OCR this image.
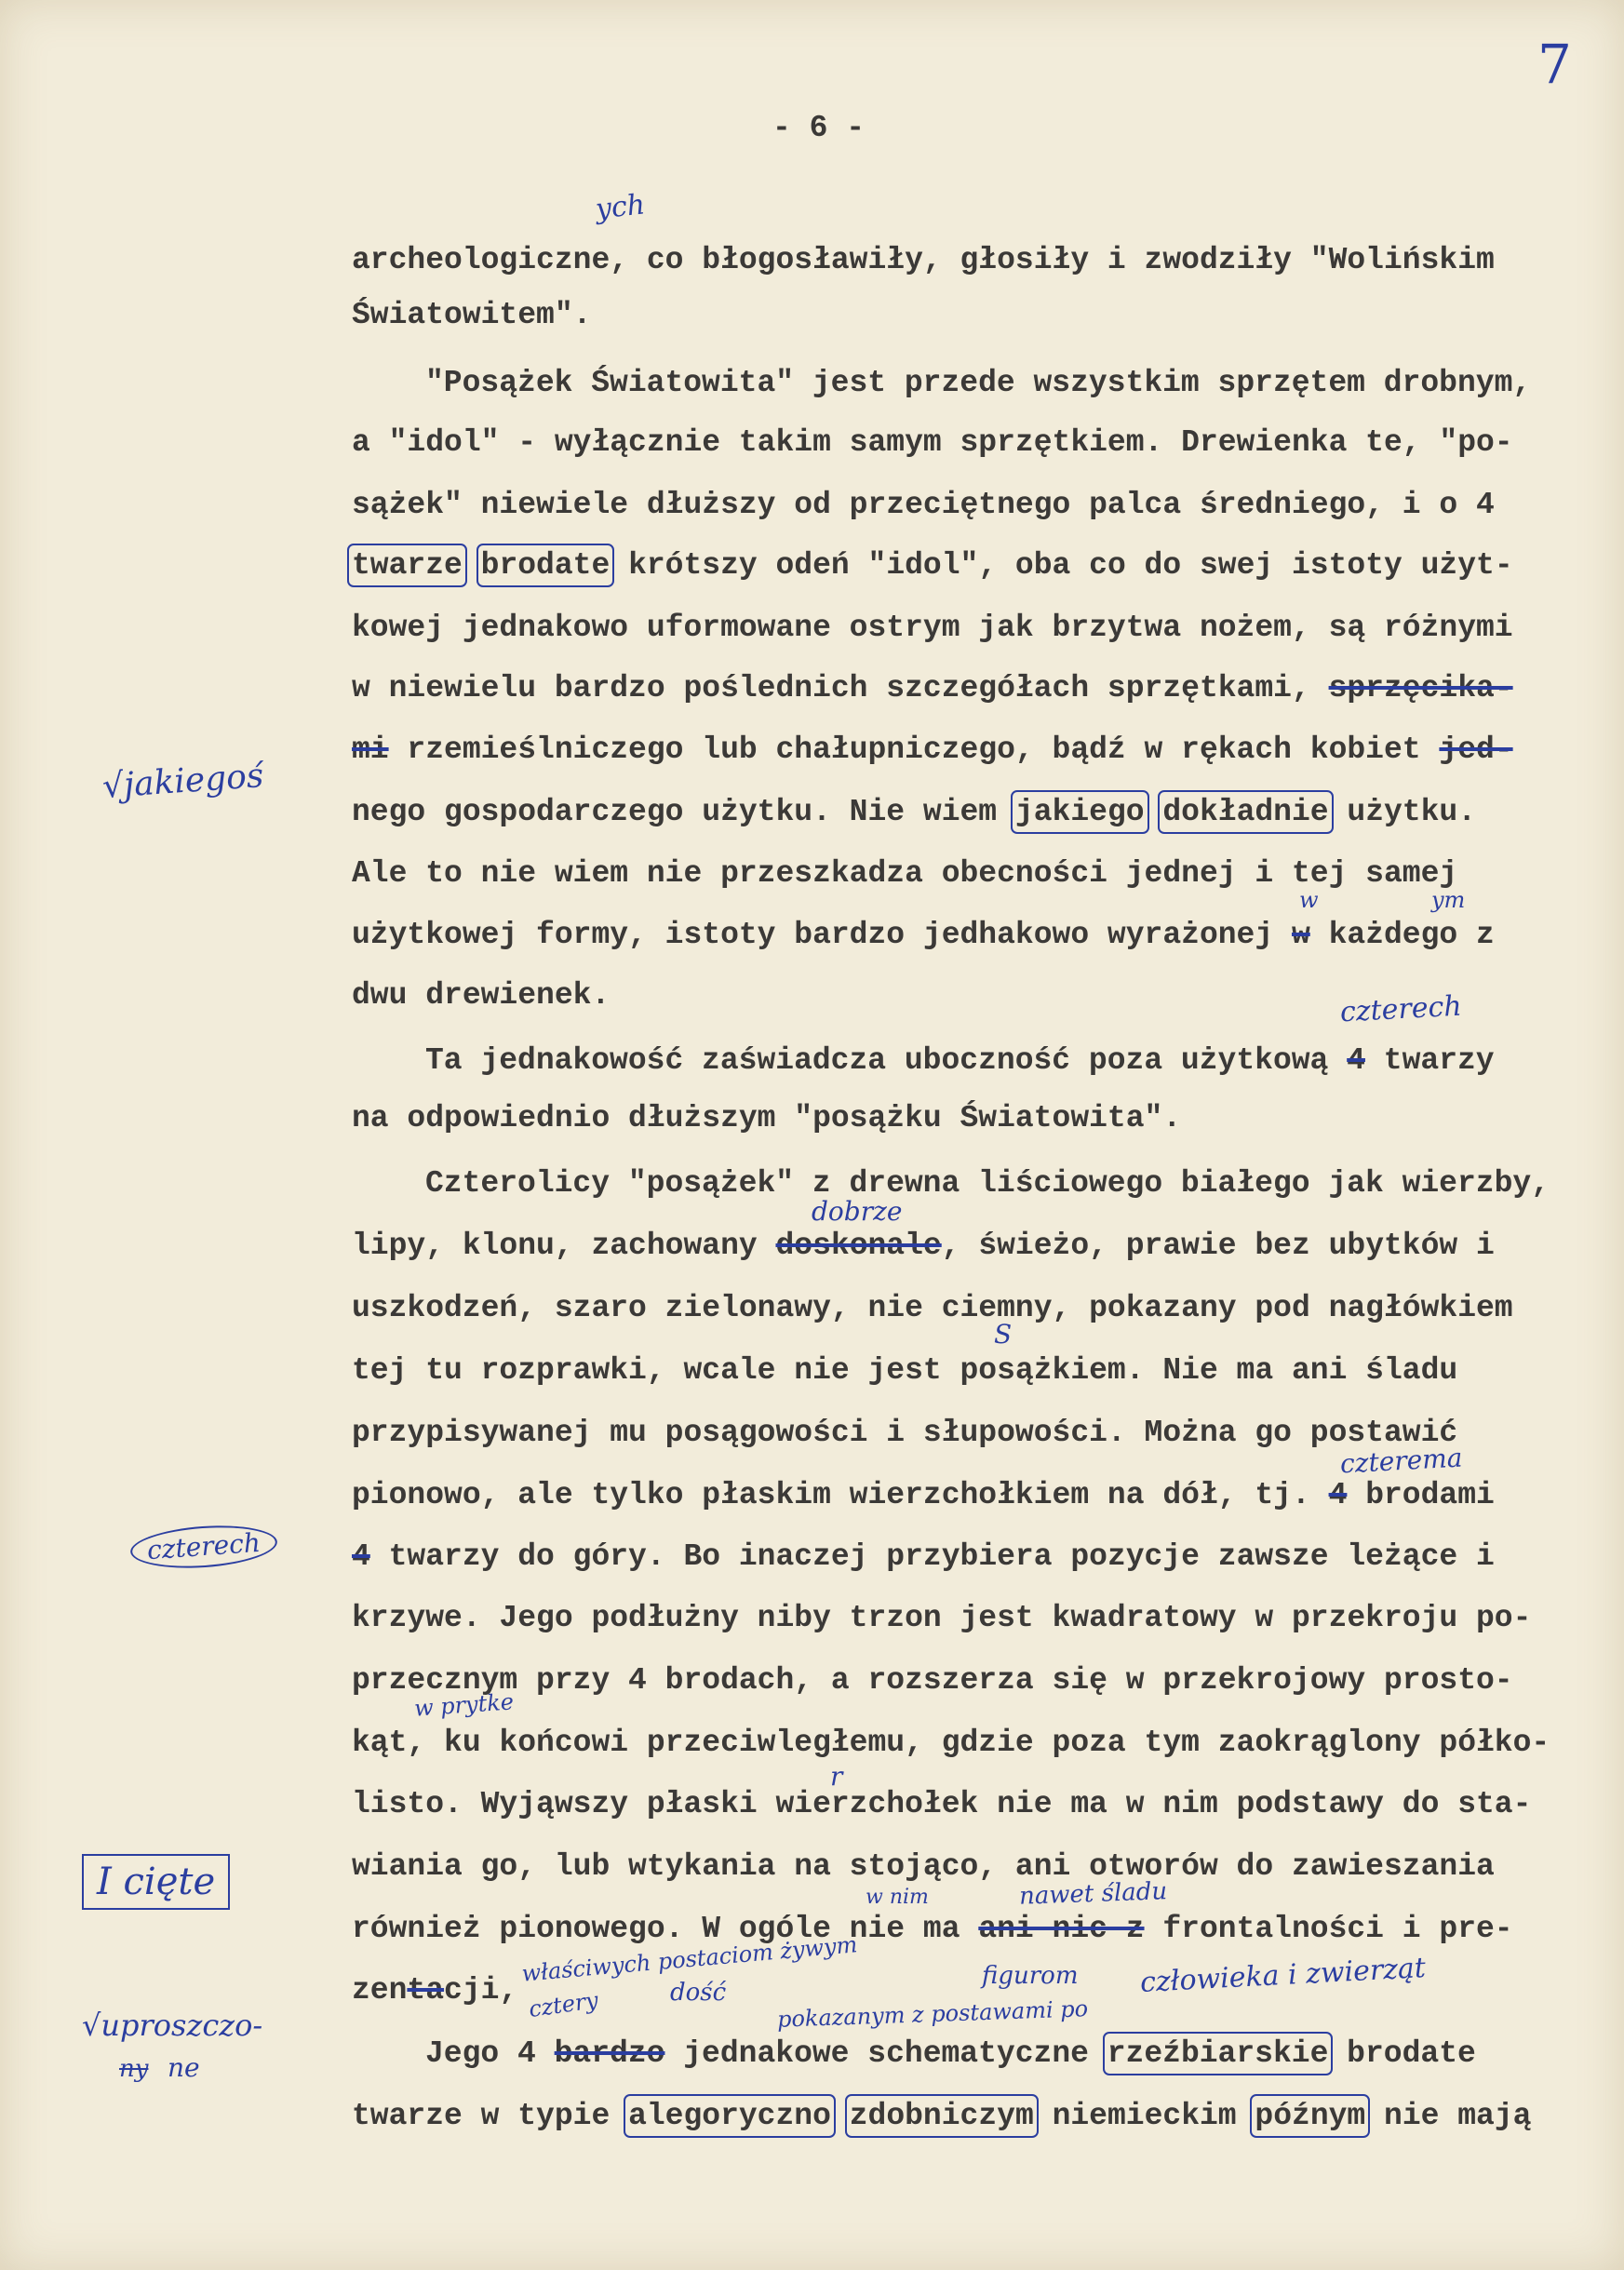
7
- 6 -
archeologiczne, co błogosławiły, głosiły i zwodziły "Wolińskim
Światowitem".
"Posążek Światowita" jest przede wszystkim sprzętem drobnym,
a "idol" - wyłącznie takim samym sprzętkiem. Drewienka te, "po-
sążek" niewiele dłuższy od przeciętnego palca średniego, i o 4
twarze brodate krótszy odeń "idol", oba co do swej istoty użyt-
kowej jednakowo uformowane ostrym jak brzytwa nożem, są różnymi
w niewielu bardzo poślednich szczegółach sprzętkami, sprzęcika-
mi rzemieślniczego lub chałupniczego, bądź w rękach kobiet jed-
nego gospodarczego użytku. Nie wiem jakiego dokładnie użytku.
Ale to nie wiem nie przeszkadza obecności jednej i tej samej
użytkowej formy, istoty bardzo jedhakowo wyrażonej w każdego z
dwu drewienek.
Ta jednakowość zaświadcza uboczność poza użytkową 4 twarzy
na odpowiednio dłuższym "posążku Światowita".
Czterolicy "posążek" z drewna liściowego białego jak wierzby,
lipy, klonu, zachowany doskonale, świeżo, prawie bez ubytków i
uszkodzeń, szaro zielonawy, nie ciemny, pokazany pod nagłówkiem
tej tu rozprawki, wcale nie jest posążkiem. Nie ma ani śladu
przypisywanej mu posągowości i słupowości. Można go postawić
pionowo, ale tylko płaskim wierzchołkiem na dół, tj. 4 brodami
4 twarzy do góry. Bo inaczej przybiera pozycje zawsze leżące i
krzywe. Jego podłużny niby trzon jest kwadratowy w przekroju po-
przecznym przy 4 brodach, a rozszerza się w przekrojowy prosto-
kąt, ku końcowi przeciwległemu, gdzie poza tym zaokrąglony półko-
listo. Wyjąwszy płaski wierzchołek nie ma w nim podstawy do sta-
wiania go, lub wtykania na stojąco, ani otworów do zawieszania
również pionowego. W ogóle nie ma ani nic z frontalności i pre-
zentacji,
Jego 4 bardzo jednakowe schematyczne rzeźbiarskie brodate
twarze w typie alegoryczno zdobniczym niemieckim późnym nie mają
ych
√jakiegoś
w	ym
czterech
dobrze
S
czterema
czterech
w prytke
r
I cięte	w nim	nawet śladu
właściwych postaciom żywym	figurom człowieka i zwierząt
cztery	dość
pokazanym z postawami po
√uproszczo-
ny ne
